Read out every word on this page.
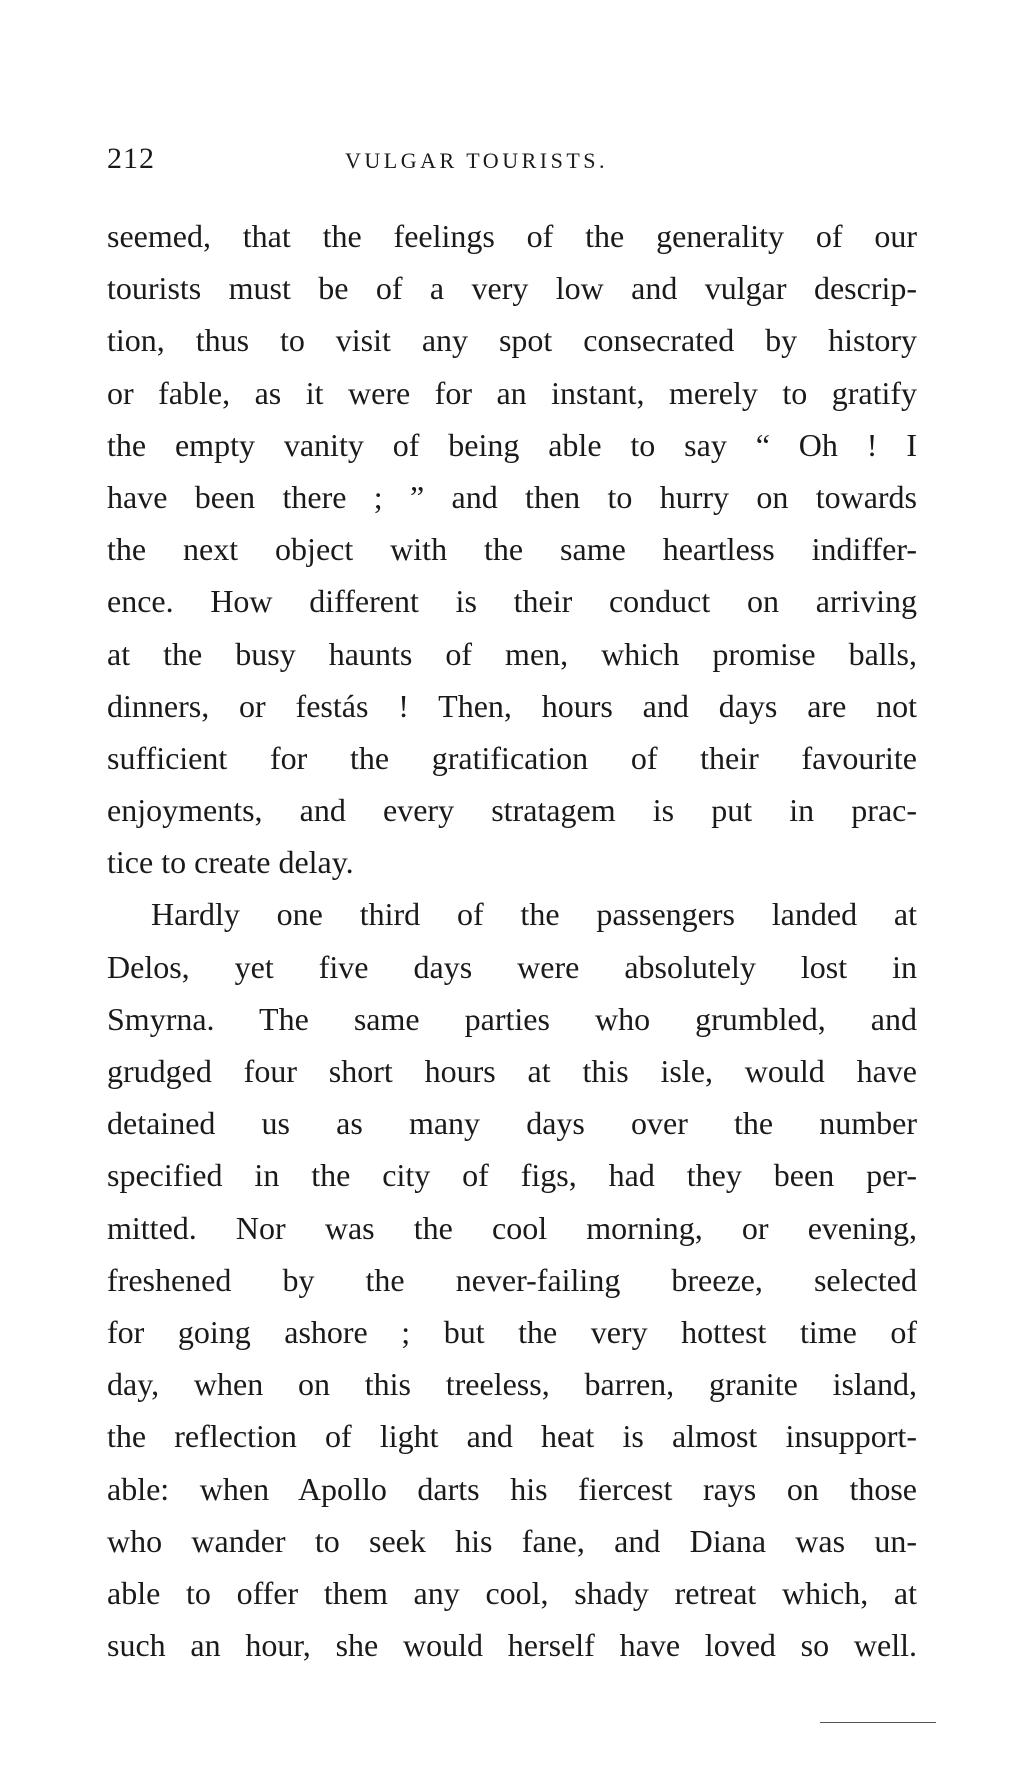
212	VULGAR TOURISTS.
seemed, that the feelings of the generality of our
tourists must be of a very low and vulgar descrip-
tion, thus to visit any spot consecrated by history
or fable, as it were for an instant, merely to gratify
the empty vanity of being able to say “ Oh ! I
have been there ; ” and then to hurry on towards
the next object with the same heartless indiffer-
ence. How different is their conduct on arriving
at the busy haunts of men, which promise balls,
dinners, or festás ! Then, hours and days are not
sufficient for the gratification of their favourite
enjoyments, and every stratagem is put in prac-
tice to create delay.
Hardly one third of the passengers landed at
Delos, yet five days were absolutely lost in
Smyrna. The same parties who grumbled, and
grudged four short hours at this isle, would have
detained us as many days over the number
specified in the city of figs, had they been per-
mitted. Nor was the cool morning, or evening,
freshened by the never-failing breeze, selected
for going ashore ; but the very hottest time of
day, when on this treeless, barren, granite island,
the reflection of light and heat is almost insupport-
able: when Apollo darts his fiercest rays on those
who wander to seek his fane, and Diana was un-
able to offer them any cool, shady retreat which, at
such an hour, she would herself have loved so well.
